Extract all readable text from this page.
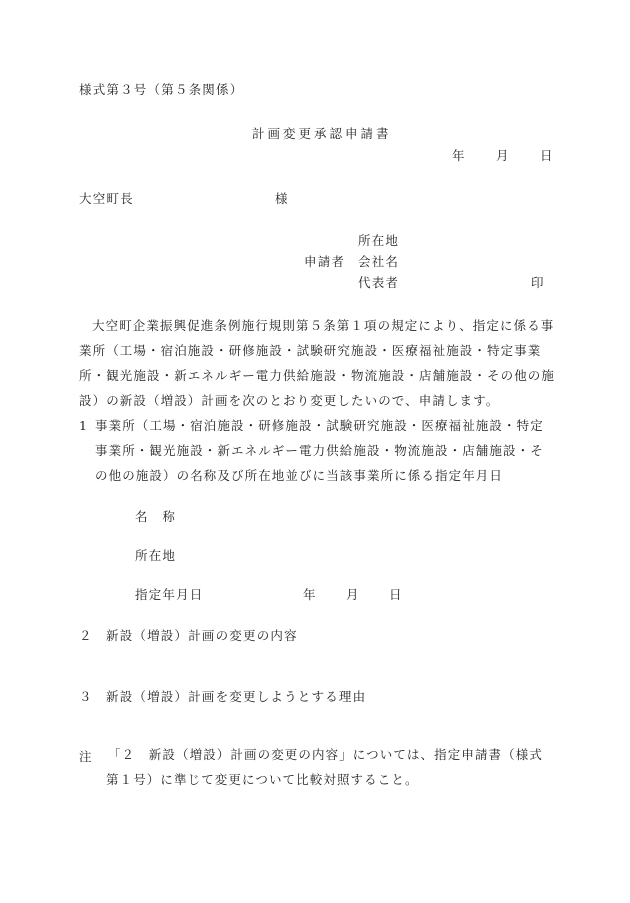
様式第３号（第５条関係）
計画変更承認申請書
年	月	日
大空町長	様
所在地
申請者 会社名
代表者	印
大空町企業振興促進条例施行規則第５条第１項の規定により、指定に係る事業所（工場・宿泊施設・研修施設・試験研究施設・医療福祉施設・特定事業所・観光施設・新エネルギー電力供給施設・物流施設・店舗施設・その他の施設）の新設（増設）計画を次のとおり変更したいので、申請します。
1 事業所（工場・宿泊施設・研修施設・試験研究施設・医療福祉施設・特定事業所・観光施設・新エネルギー電力供給施設・物流施設・店舗施設・その他の施設）の名称及び所在地並びに当該事業所に係る指定年月日
名　称
所在地
指定年月日	年 月 日
２ 新設（増設）計画の変更の内容
３ 新設（増設）計画を変更しようとする理由
注 「２　新設（増設）計画の変更の内容」については、指定申請書（様式第１号）に準じて変更について比較対照すること。
